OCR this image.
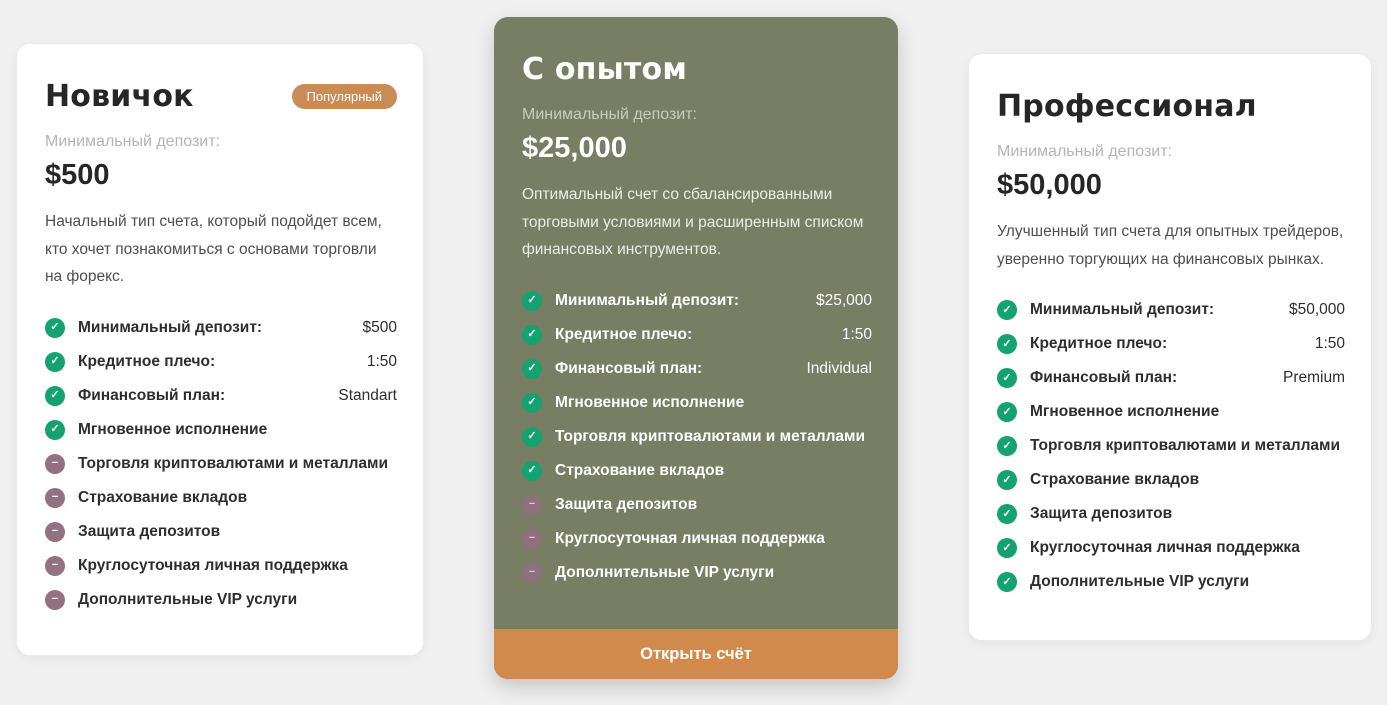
Новичок	Популярный
Минимальный депозит:
$500
Начальный тип счета, который подойдет всем, кто хочет познакомиться с основами торговли на форекс.
✓	Минимальный депозит:	$500
✓	Кредитное плечо:	1:50
✓	Финансовый план:	Standart
✓	Мгновенное исполнение
−	Торговля криптовалютами и металлами
−	Страхование вкладов
−	Защита депозитов
−	Круглосуточная личная поддержка
−	Дополнительные VIP услуги
С опытом
Минимальный депозит:
$25,000
Оптимальный счет со сбалансированными торговыми условиями и расширенным списком финансовых инструментов.
✓	Минимальный депозит:	$25,000
✓	Кредитное плечо:	1:50
✓	Финансовый план:	Individual
✓	Мгновенное исполнение
✓	Торговля криптовалютами и металлами
✓	Страхование вкладов
−	Защита депозитов
−	Круглосуточная личная поддержка
−	Дополнительные VIP услуги
Открыть счёт
Профессионал
Минимальный депозит:
$50,000
Улучшенный тип счета для опытных трейдеров, уверенно торгующих на финансовых рынках.
✓	Минимальный депозит:	$50,000
✓	Кредитное плечо:	1:50
✓	Финансовый план:	Premium
✓	Мгновенное исполнение
✓	Торговля криптовалютами и металлами
✓	Страхование вкладов
✓	Защита депозитов
✓	Круглосуточная личная поддержка
✓	Дополнительные VIP услуги
